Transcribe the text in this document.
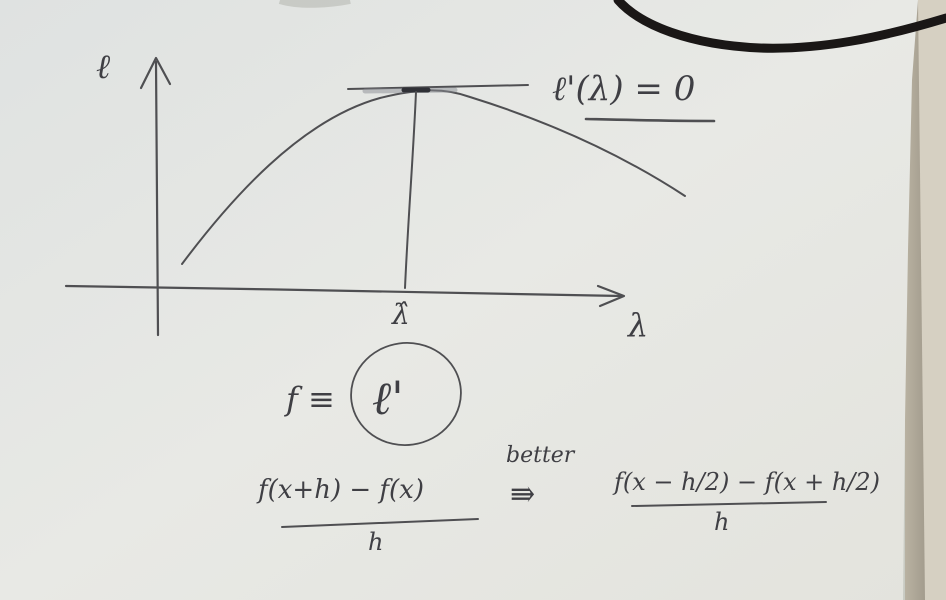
ℓ
λ
λ̂
ℓ'(λ) = 0
f ≡ ℓ'
f(x+h) − f(x)
h
better
⇛	f(x − h/2) − f(x + h/2)
h
